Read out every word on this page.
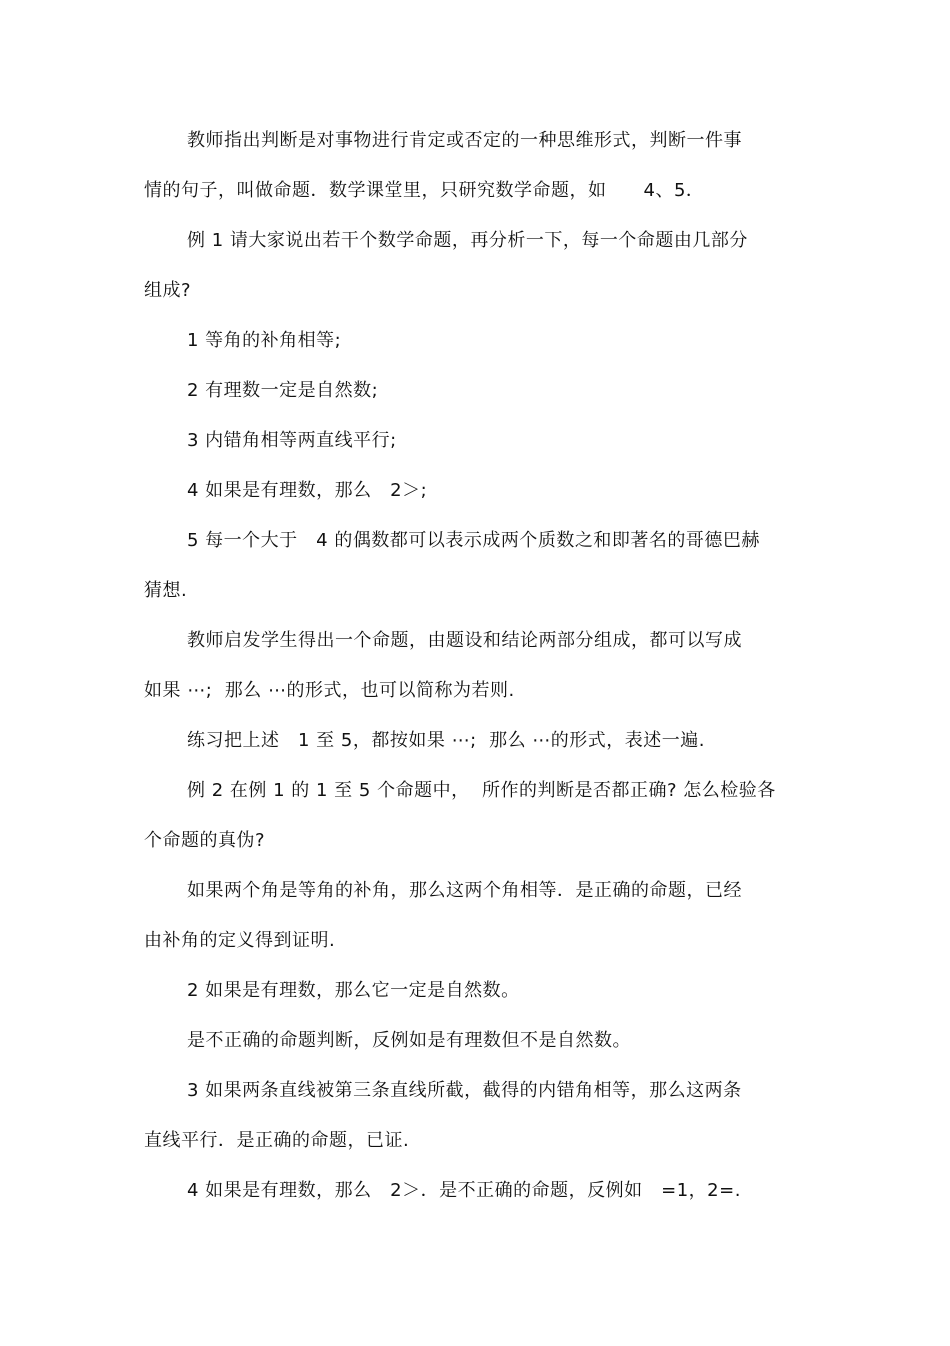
教师指出判断是对事物进行肯定或否定的一种思维形式，判断一件事
情的句子，叫做命题．数学课堂里，只研究数学命题，如　　4、5．
例 1 请大家说出若干个数学命题，再分析一下，每一个命题由几部分
组成?
1 等角的补角相等;
2 有理数一定是自然数;
3 内错角相等两直线平行;
4 如果是有理数，那么　2＞;
5 每一个大于　4 的偶数都可以表示成两个质数之和即著名的哥德巴赫
猜想.
教师启发学生得出一个命题，由题设和结论两部分组成，都可以写成
如果 ⋯;  那么 ⋯的形式，也可以简称为若则.
练习把上述　1 至 5，都按如果 ⋯;  那么 ⋯的形式，表述一遍.
例 2 在例 1 的 1 至 5 个命题中，  所作的判断是否都正确? 怎么检验各
个命题的真伪?
如果两个角是等角的补角，那么这两个角相等．是正确的命题，已经
由补角的定义得到证明.
2 如果是有理数，那么它一定是自然数。
是不正确的命题判断，反例如是有理数但不是自然数。
3 如果两条直线被第三条直线所截，截得的内错角相等，那么这两条
直线平行．是正确的命题，已证.
4 如果是有理数，那么　2＞．是不正确的命题，反例如　=1，2=.
